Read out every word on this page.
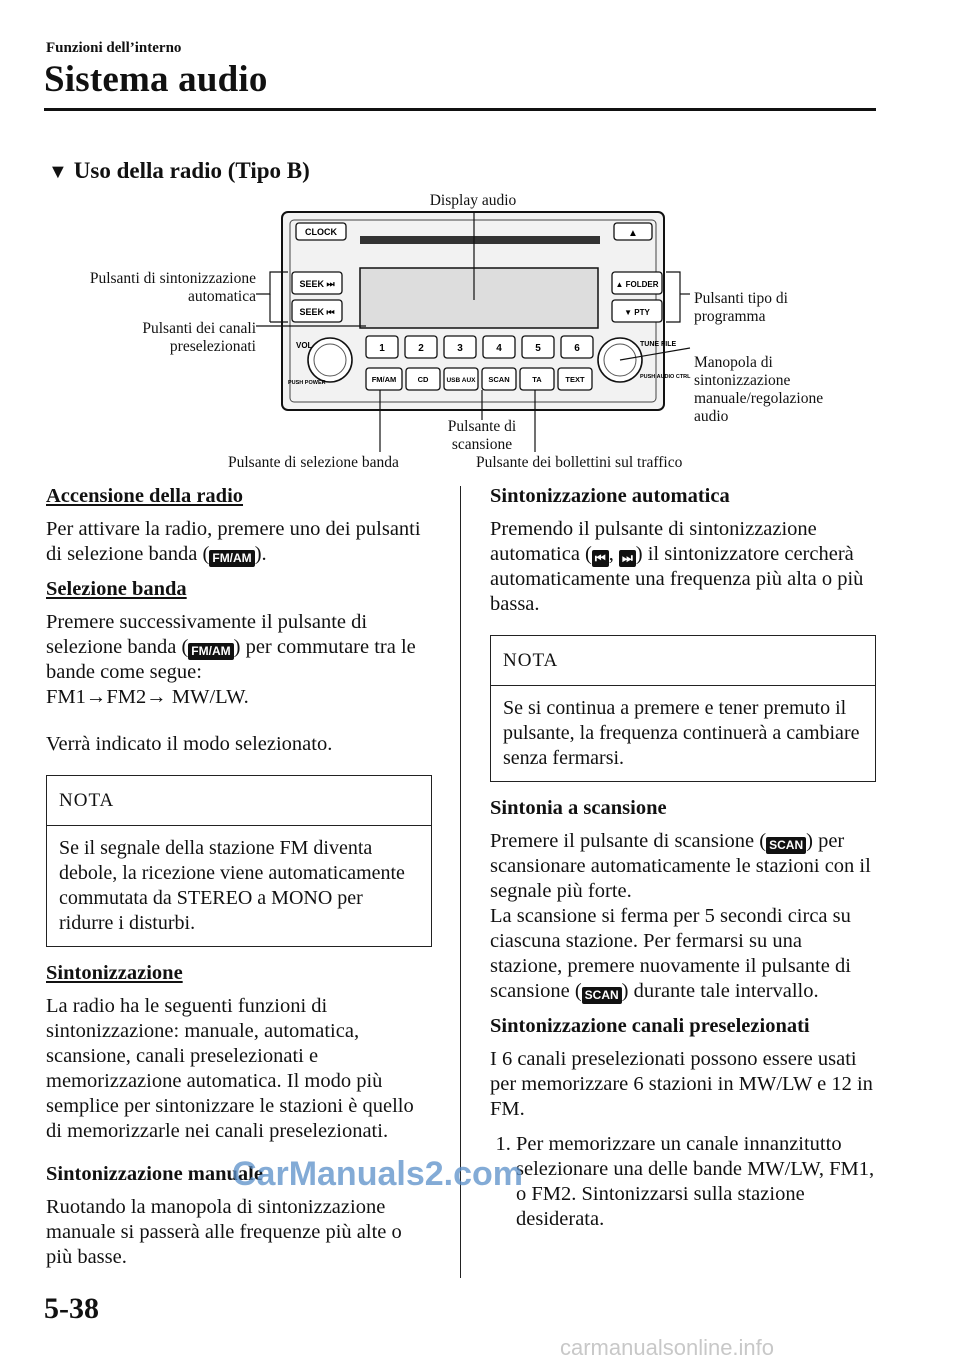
Funzioni dell’interno
Sistema audio
▼ Uso della radio (Tipo B)
CLOCK	▲
SEEK ⏭
SEEK ⏮
▲ FOLDER
▼ PTY
VOL
PUSH POWER
TUNE FILE
PUSH AUDIO CTRL
1	2	3	4	5	6
FM/AM	CD	USB AUX SCAN	TA	TEXT
Display audio
Pulsanti di sintonizzazione
automatica
Pulsanti dei canali
preselezionati
Pulsanti tipo di
programma
Manopola di
sintonizzazione
manuale/regolazione
audio
Pulsante di
scansione
Pulsante di selezione banda	Pulsante dei bollettini sul traffico
Accensione della radio

Per attivare la radio, premere uno dei pulsanti di selezione banda ( FM/AM ).

Selezione banda

Premere successivamente il pulsante di selezione banda ( FM/AM ) per commutare tra le bande come segue:

FM1→FM2→ MW/LW.

Verrà indicato il modo selezionato.

NOTA
Se il segnale della stazione FM diventa debole, la ricezione viene automaticamente commutata da STEREO a MONO per ridurre i disturbi.
Sintonizzazione

La radio ha le seguenti funzioni di sintonizzazione: manuale, automatica, scansione, canali preselezionati e memorizzazione automatica. Il modo più semplice per sintonizzare le stazioni è quello di memorizzarle nei canali preselezionati.

Sintonizzazione manuale

Ruotando la manopola di sintonizzazione manuale si passerà alle frequenze più alte o più basse.

Sintonizzazione automatica

Premendo il pulsante di sintonizzazione automatica ( ⏮ , ⏭ ) il sintonizzatore cercherà automaticamente una frequenza più alta o più bassa.

NOTA
Se si continua a premere e tener premuto il pulsante, la frequenza continuerà a cambiare senza fermarsi.
Sintonia a scansione

Premere il pulsante di scansione ( SCAN ) per scansionare automaticamente le stazioni con il segnale più forte.

La scansione si ferma per 5 secondi circa su ciascuna stazione. Per fermarsi su una stazione, premere nuovamente il pulsante di scansione ( SCAN ) durante tale intervallo.

Sintonizzazione canali preselezionati

I 6 canali preselezionati possono essere usati per memorizzare 6 stazioni in MW/LW e 12 in FM.

1. Per memorizzare un canale innanzitutto selezionare una delle bande MW/LW, FM1, o FM2. Sintonizzarsi sulla stazione desiderata.
5-38
CarManuals2.com
carmanualsonline.info
